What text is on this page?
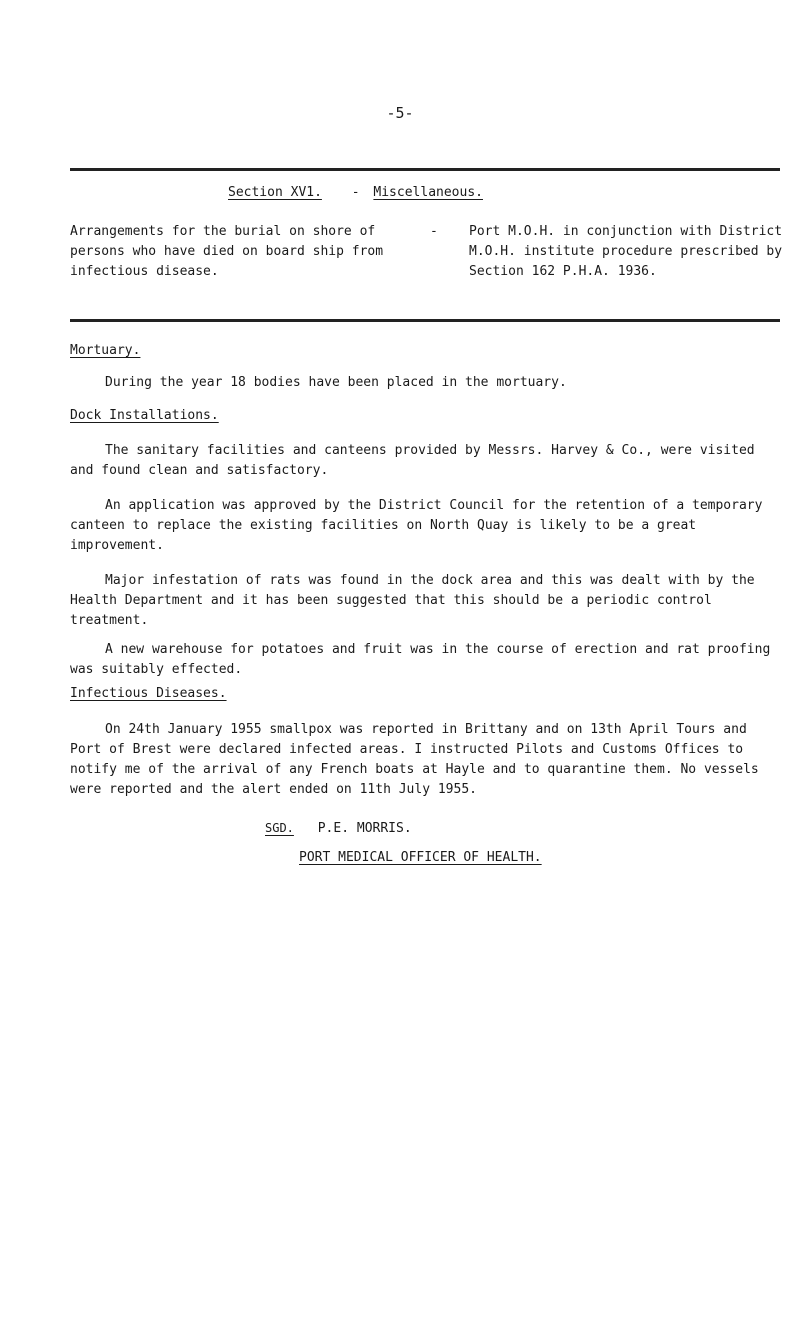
-5-
Section XV1. - Miscellaneous.
Arrangements for the burial on shore of persons who have died on board ship from infectious disease.
- Port M.O.H. in conjunction with District M.O.H. institute procedure prescribed by Section 162 P.H.A. 1936.
Mortuary.

During the year 18 bodies have been placed in the mortuary.

Dock Installations.

The sanitary facilities and canteens provided by Messrs. Harvey & Co., were visited and found clean and satisfactory.

An application was approved by the District Council for the retention of a temporary canteen to replace the existing facilities on North Quay is likely to be a great improvement.

Major infestation of rats was found in the dock area and this was dealt with by the Health Department and it has been suggested that this should be a periodic control treatment.

A new warehouse for potatoes and fruit was in the course of erection and rat proofing was suitably effected.

Infectious Diseases.

On 24th January 1955 smallpox was reported in Brittany and on 13th April Tours and Port of Brest were declared infected areas. I instructed Pilots and Customs Offices to notify me of the arrival of any French boats at Hayle and to quarantine them. No vessels were reported and the alert ended on 11th July 1955.

SGD. P.E. MORRIS.
PORT MEDICAL OFFICER OF HEALTH.
